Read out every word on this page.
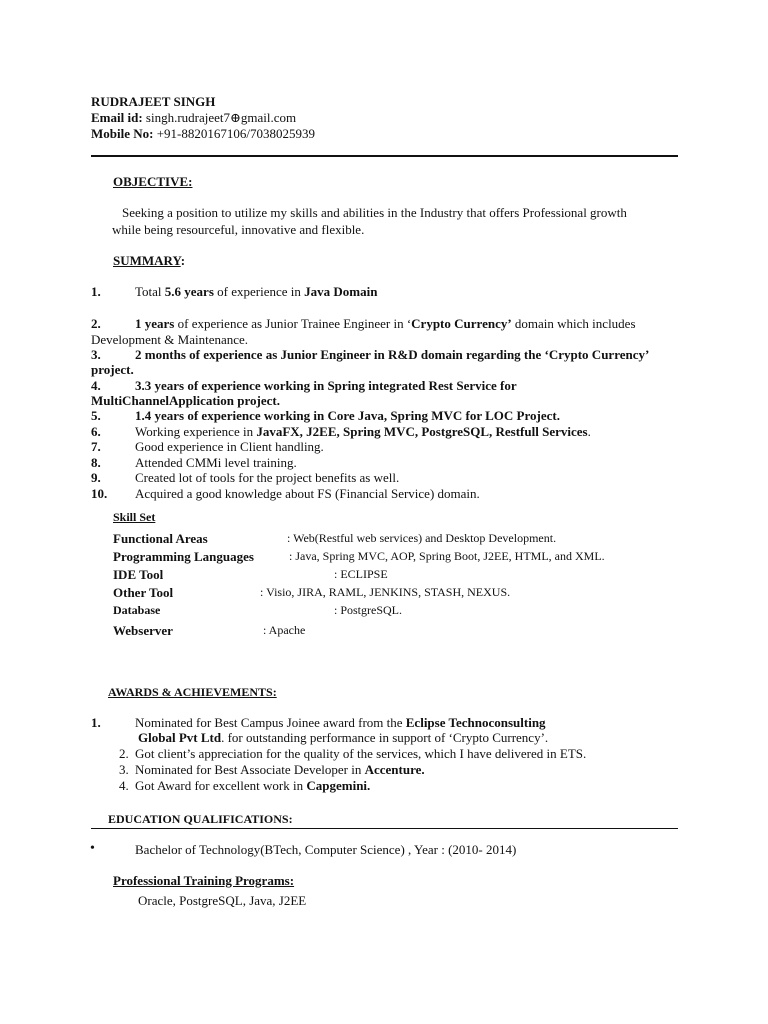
RUDRAJEET SINGH
Email id: singh.rudrajeet7⊕gmail.com
Mobile No: +91-8820167106/7038025939
OBJECTIVE:
Seeking a position to utilize my skills and abilities in the Industry that offers Professional growth
while being resourceful, innovative and flexible.
SUMMARY:
1.	Total 5.6 years of experience in Java Domain
2.	1 years of experience as Junior Trainee Engineer in ‘Crypto Currency’ domain which includes
Development & Maintenance.
3.	2 months of experience as Junior Engineer in R&D domain regarding the ‘Crypto Currency’
project.
4.	3.3 years of experience working in Spring integrated Rest Service for
MultiChannelApplication project.
5.	1.4 years of experience working in Core Java, Spring MVC for LOC Project.
6.	Working experience in JavaFX, J2EE, Spring MVC, PostgreSQL, Restfull Services.
7.	Good experience in Client handling.
8.	Attended CMMi level training.
9.	Created lot of tools for the project benefits as well.
10. Acquired a good knowledge about FS (Financial Service) domain.
Skill Set
Functional Areas	: Web(Restful web services) and Desktop Development.
Programming Languages	: Java, Spring MVC, AOP, Spring Boot, J2EE, HTML, and XML.
IDE Tool	: ECLIPSE
Other Tool	: Visio, JIRA, RAML, JENKINS, STASH, NEXUS.
Database	: PostgreSQL.
Webserver	: Apache
AWARDS & ACHIEVEMENTS:
1.	Nominated for Best Campus Joinee award from the Eclipse Technoconsulting
Global Pvt Ltd. for outstanding performance in support of ‘Crypto Currency’.
2. Got client’s appreciation for the quality of the services, which I have delivered in ETS.
3. Nominated for Best Associate Developer in Accenture.
4. Got Award for excellent work in Capgemini.
EDUCATION QUALIFICATIONS:
•	Bachelor of Technology(BTech, Computer Science) , Year : (2010- 2014)
Professional Training Programs:
Oracle, PostgreSQL, Java, J2EE
